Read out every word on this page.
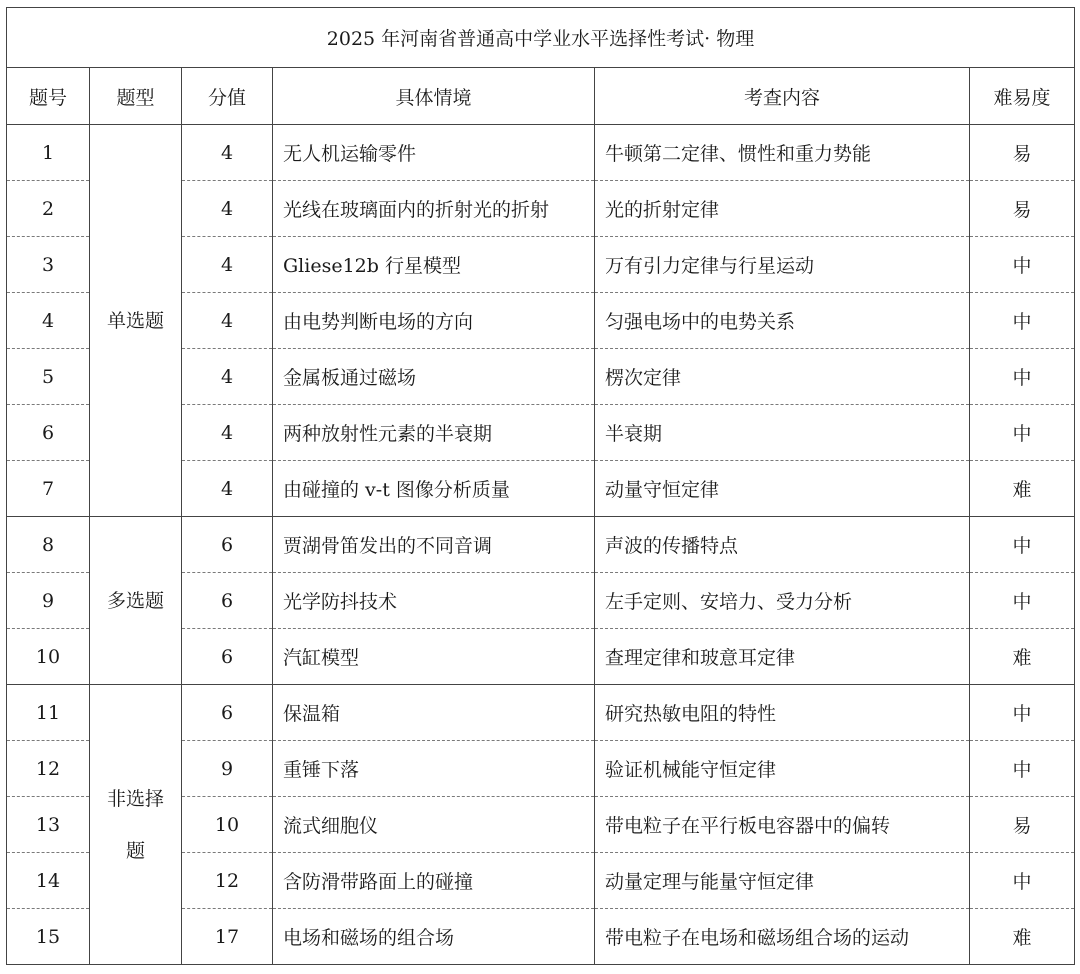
2025 年河南省普通高中学业水平选择性考试· 物理					
题号	题型	分值	具体情境	考查内容	难易度
1	单选题	4	无人机运输零件	牛顿第二定律、惯性和重力势能	易
2		4	光线在玻璃面内的折射光的折射	光的折射定律	易
3		4	Gliese12b 行星模型	万有引力定律与行星运动	中
4		4	由电势判断电场的方向	匀强电场中的电势关系	中
5		4	金属板通过磁场	楞次定律	中
6		4	两种放射性元素的半衰期	半衰期	中
7		4	由碰撞的 v-t 图像分析质量	动量守恒定律	难
8	多选题	6	贾湖骨笛发出的不同音调	声波的传播特点	中
9		6	光学防抖技术	左手定则、安培力、受力分析	中
10		6	汽缸模型	查理定律和玻意耳定律	难
11	非选择题	6	保温箱	研究热敏电阻的特性	中
12		9	重锤下落	验证机械能守恒定律	中
13		10	流式细胞仪	带电粒子在平行板电容器中的偏转	易
14		12	含防滑带路面上的碰撞	动量定理与能量守恒定律	中
15		17	电场和磁场的组合场	带电粒子在电场和磁场组合场的运动	难
